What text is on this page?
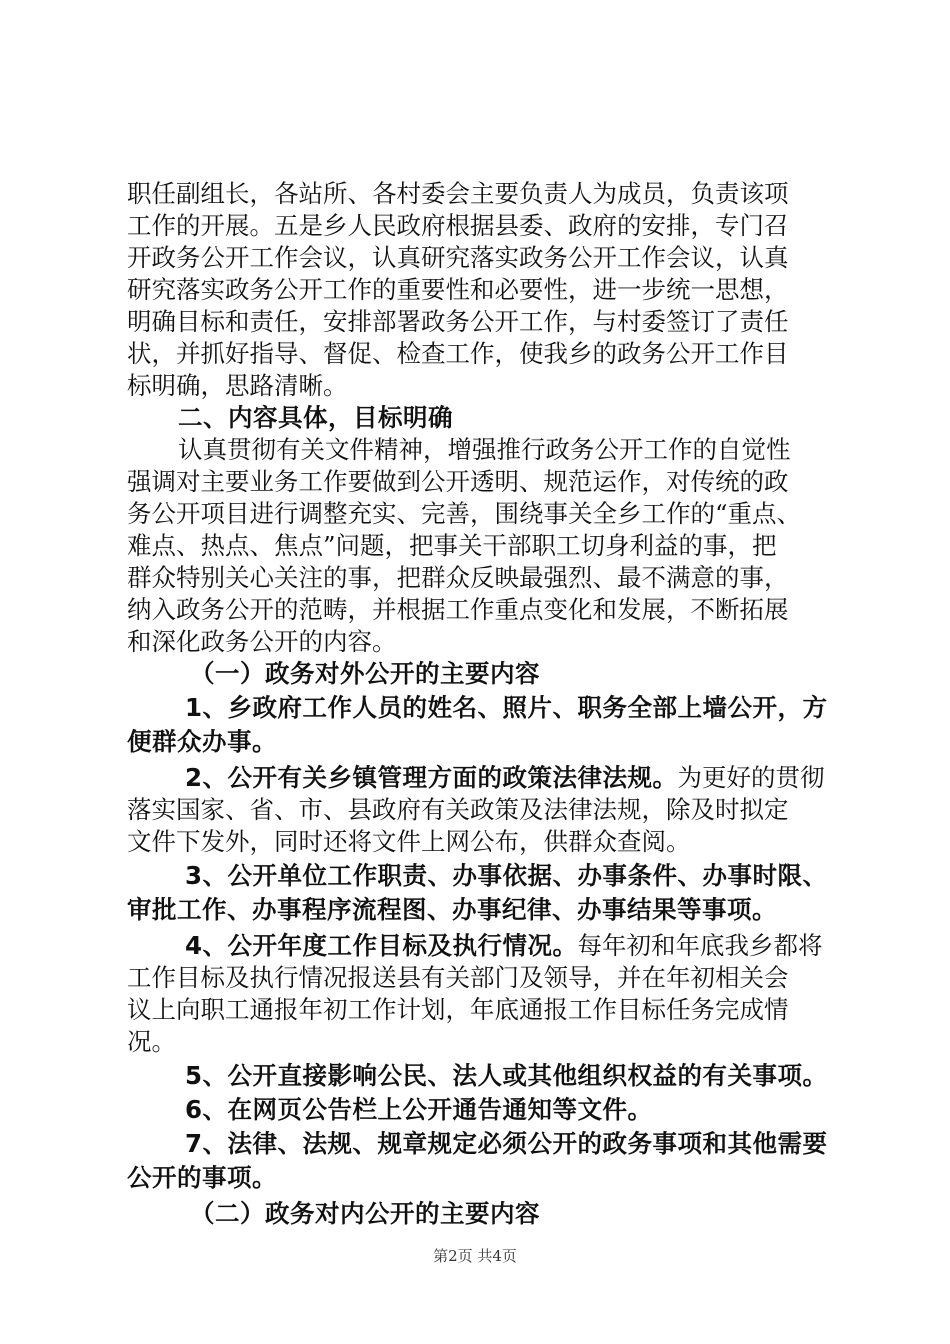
职任副组长，各站所、各村委会主要负责人为成员，负责该项
工作的开展。五是乡人民政府根据县委、政府的安排，专门召
开政务公开工作会议，认真研究落实政务公开工作会议，认真
研究落实政务公开工作的重要性和必要性，进一步统一思想，
明确目标和责任，安排部署政务公开工作，与村委签订了责任
状，并抓好指导、督促、检查工作，使我乡的政务公开工作目
标明确，思路清晰。
二、内容具体，目标明确
认真贯彻有关文件精神，增强推行政务公开工作的自觉性
强调对主要业务工作要做到公开透明、规范运作，对传统的政
务公开项目进行调整充实、完善，围绕事关全乡工作的“重点、
难点、热点、焦点”问题，把事关干部职工切身利益的事，把
群众特别关心关注的事，把群众反映最强烈、最不满意的事，
纳入政务公开的范畴，并根据工作重点变化和发展，不断拓展
和深化政务公开的内容。
（一）政务对外公开的主要内容
1、乡政府工作人员的姓名、照片、职务全部上墙公开，方
便群众办事。
2、公开有关乡镇管理方面的政策法律法规。为更好的贯彻
落实国家、省、市、县政府有关政策及法律法规，除及时拟定
文件下发外，同时还将文件上网公布，供群众查阅。
3、公开单位工作职责、办事依据、办事条件、办事时限、
审批工作、办事程序流程图、办事纪律、办事结果等事项。
4、公开年度工作目标及执行情况。每年初和年底我乡都将
工作目标及执行情况报送县有关部门及领导，并在年初相关会
议上向职工通报年初工作计划，年底通报工作目标任务完成情
况。
5、公开直接影响公民、法人或其他组织权益的有关事项。
6、在网页公告栏上公开通告通知等文件。
7、法律、法规、规章规定必须公开的政务事项和其他需要
公开的事项。
（二）政务对内公开的主要内容
第2页 共4页
